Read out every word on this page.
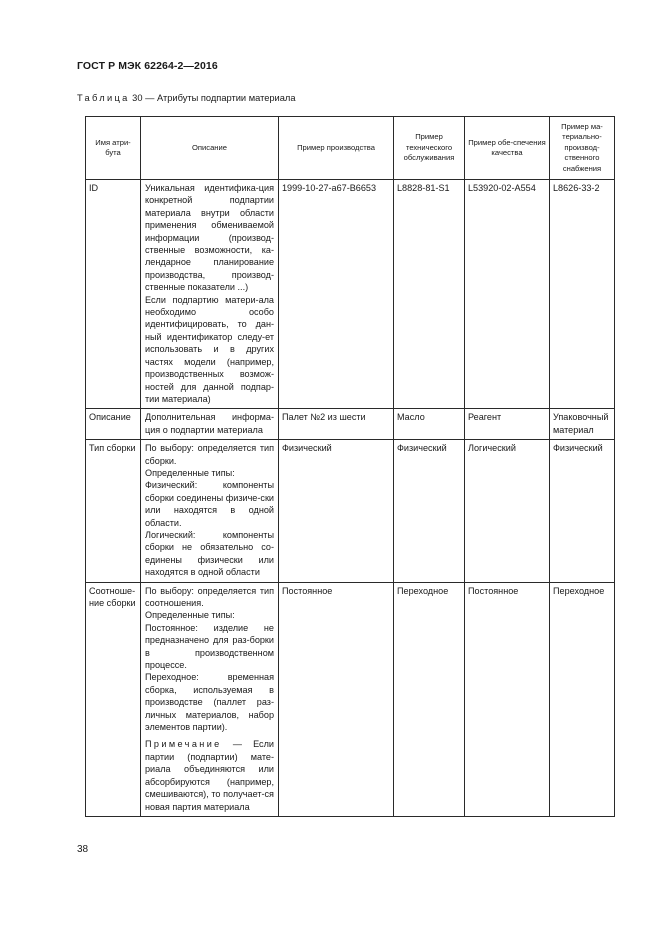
ГОСТ Р МЭК 62264-2—2016
Таблица 30 — Атрибуты подпартии материала
Имя атри-бута	Описание	Пример производства	Пример технического обслуживания	Пример обе-спечения качества	Пример ма-териально-производ-ственного снабжения
ID	Уникальная идентифика-ция конкретной подпартии материала внутри области применения обмениваемой информации (производ-ственные возможности, ка-лендарное планирование производства, производ-ственные показатели ...)
Если подпартию матери-ала необходимо особо идентифицировать, то дан-ный идентификатор следу-ет использовать и в других частях модели (например, производственных возмож-ностей для данной подпар-тии материала)	1999-10-27-a67-B6653	L8828-81-S1	L53920-02-A554	L8626-33-2
Описание	Дополнительная информа-ция о подпартии материала	Палет №2 из шести	Масло	Реагент	Упаковочный материал
Тип сборки	По выбору: определяется тип сборки.
Определенные типы:
Физический: компоненты сборки соединены физиче-ски или находятся в одной области.
Логический: компоненты сборки не обязательно со-единены физически или находятся в одной области	Физический	Физический	Логический	Физический
Соотноше-ние сборки	По выбору: определяется тип соотношения.
Определенные типы:
Постоянное: изделие не предназначено для раз-борки в производственном процессе.
Переходное: временная сборка, используемая в производстве (паллет раз-личных материалов, набор элементов партии).
Примечание — Если партии (подпартии) мате-риала объединяются или абсорбируются (например, смешиваются), то получает-ся новая партия материала	Постоянное	Переходное	Постоянное	Переходное
38
